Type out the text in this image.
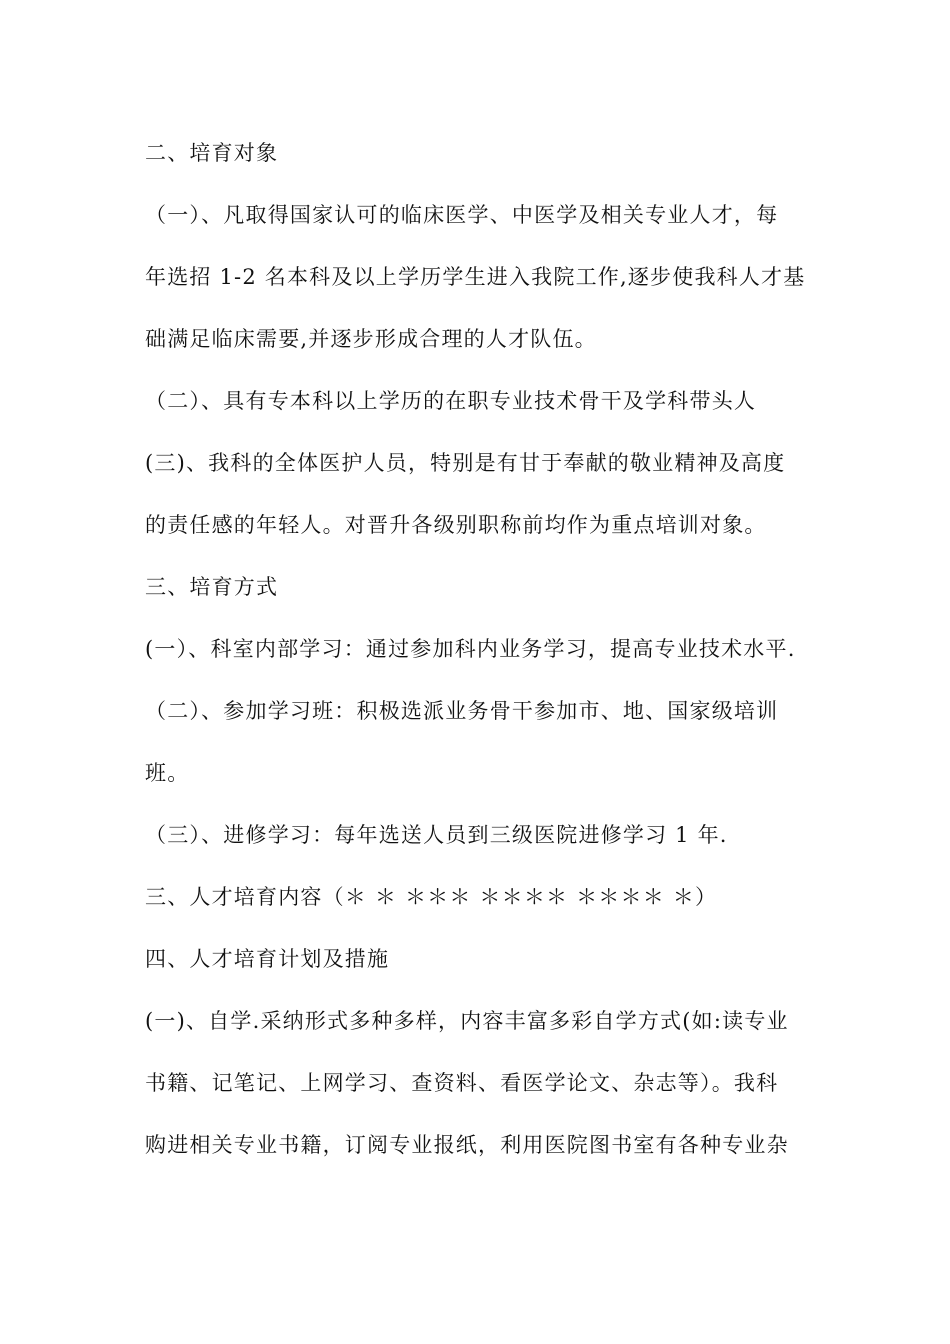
二、培育对象
（一）、凡取得国家认可的临床医学、中医学及相关专业人才，每
年选招 1-2 名本科及以上学历学生进入我院工作,逐步使我科人才基
础满足临床需要,并逐步形成合理的人才队伍。
（二）、具有专本科以上学历的在职专业技术骨干及学科带头人
(三)、我科的全体医护人员，特别是有甘于奉献的敬业精神及高度
的责任感的年轻人。对晋升各级别职称前均作为重点培训对象。
三、培育方式
(一）、科室内部学习：通过参加科内业务学习，提高专业技术水平.
（二）、参加学习班：积极选派业务骨干参加市、地、国家级培训
班。
（三）、进修学习：每年选送人员到三级医院进修学习 1 年.
三、人才培育内容（＊ ＊ ＊＊＊ ＊＊＊＊ ＊＊＊＊ ＊）
四、人才培育计划及措施
(一)、自学.采纳形式多种多样，内容丰富多彩自学方式(如:读专业
书籍、记笔记、上网学习、查资料、看医学论文、杂志等）。我科
购进相关专业书籍，订阅专业报纸，利用医院图书室有各种专业杂
